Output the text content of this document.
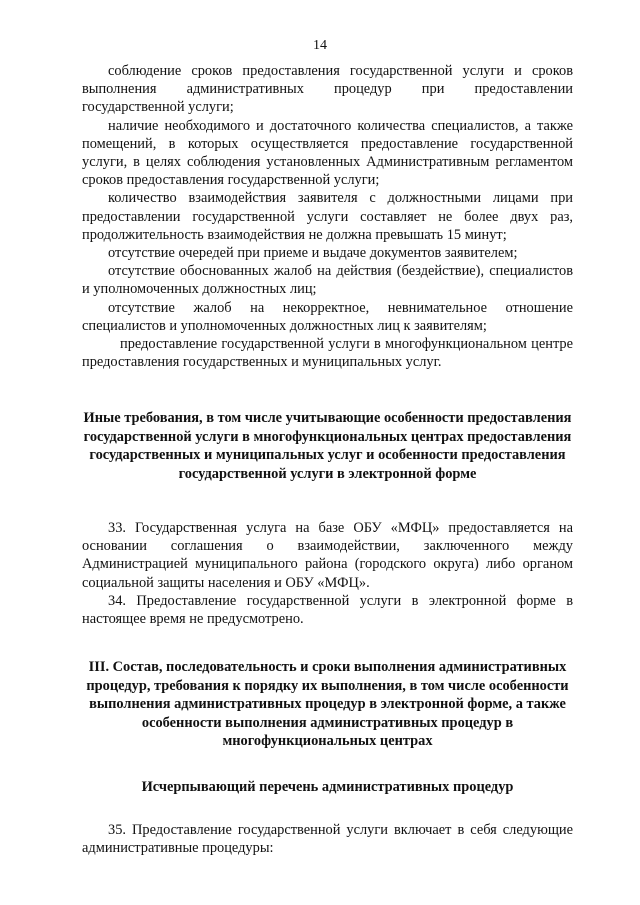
14

соблюдение сроков предоставления государственной услуги и сроков выполнения административных процедур при предоставлении государственной услуги;

наличие необходимого и достаточного количества специалистов, а также помещений, в которых осуществляется предоставление государственной услуги, в целях соблюдения установленных Административным регламентом сроков предоставления государственной услуги;

количество взаимодействия заявителя с должностными лицами при предоставлении государственной услуги составляет не более двух раз, продолжительность взаимодействия не должна превышать 15 минут;

отсутствие очередей при приеме и выдаче документов заявителем;

отсутствие обоснованных жалоб на действия (бездействие), специалистов и уполномоченных должностных лиц;

отсутствие жалоб на некорректное, невнимательное отношение специалистов и уполномоченных должностных лиц к заявителям;

предоставление государственной услуги в многофункциональном центре предоставления государственных и муниципальных услуг.

Иные требования, в том числе учитывающие особенности предоставления государственной услуги в многофункциональных центрах предоставления государственных и муниципальных услуг и особенности предоставления государственной услуги в электронной форме

33. Государственная услуга на базе ОБУ «МФЦ» предоставляется на основании соглашения о взаимодействии, заключенного между Администрацией муниципального района (городского округа) либо органом социальной защиты населения и ОБУ «МФЦ».

34. Предоставление государственной услуги в электронной форме в настоящее время не предусмотрено.

III. Состав, последовательность и сроки выполнения административных процедур, требования к порядку их выполнения, в том числе особенности выполнения административных процедур в электронной форме, а также особенности выполнения административных процедур в многофункциональных центрах

Исчерпывающий перечень административных процедур

35. Предоставление государственной услуги включает в себя следующие административные процедуры:
